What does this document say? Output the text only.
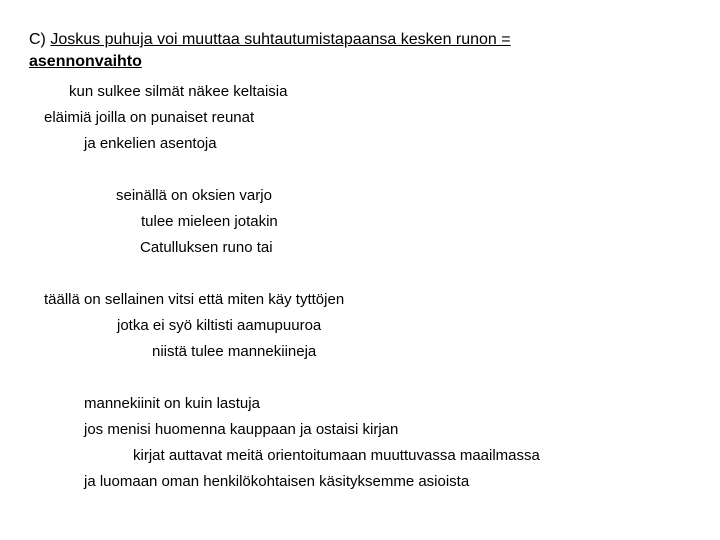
C) Joskus puhuja voi muuttaa suhtautumistapaansa kesken runon =
asennonvaihto
kun sulkee silmät näkee keltaisia
eläimiä joilla on punaiset reunat
ja enkelien asentoja
seinällä on oksien varjo
tulee mieleen jotakin
Catulluksen runo tai
täällä on sellainen vitsi että miten käy tyttöjen
jotka ei syö kiltisti aamupuuroa
niistä tulee mannekiineja
mannekiinit on kuin lastuja
jos menisi huomenna kauppaan ja ostaisi kirjan
kirjat auttavat meitä orientoitumaan muuttuvassa maailmassa
ja luomaan oman henkilökohtaisen käsityksemme asioista
